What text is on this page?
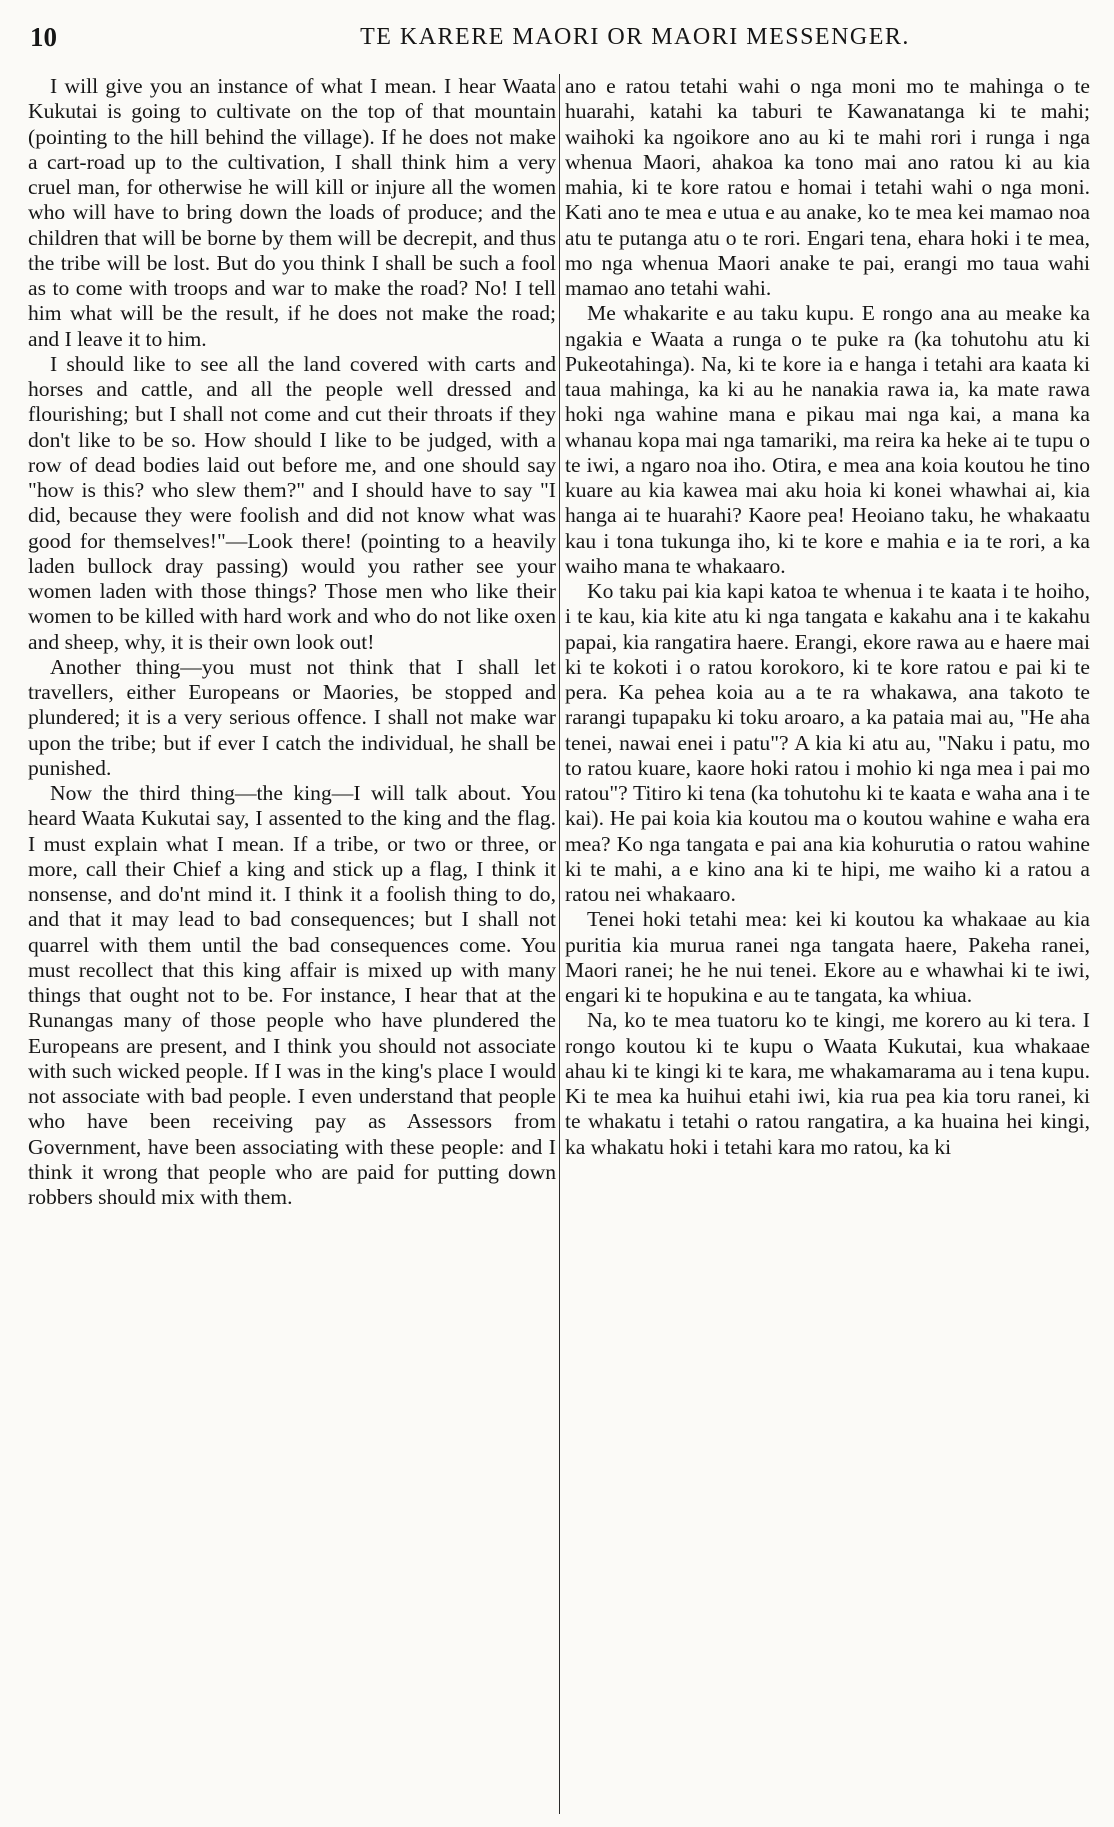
10	TE KARERE MAORI OR MAORI MESSENGER.

I will give you an instance of what I mean. I hear Waata Kukutai is going to cultivate on the top of that mountain (pointing to the hill behind the village). If he does not make a cart-road up to the cultivation, I shall think him a very cruel man, for otherwise he will kill or injure all the women who will have to bring down the loads of produce; and the children that will be borne by them will be decrepit, and thus the tribe will be lost. But do you think I shall be such a fool as to come with troops and war to make the road? No! I tell him what will be the result, if he does not make the road; and I leave it to him.

I should like to see all the land covered with carts and horses and cattle, and all the people well dressed and flourishing; but I shall not come and cut their throats if they don't like to be so. How should I like to be judged, with a row of dead bodies laid out before me, and one should say "how is this? who slew them?" and I should have to say "I did, because they were foolish and did not know what was good for themselves!"—Look there! (pointing to a heavily laden bullock dray passing) would you rather see your women laden with those things? Those men who like their women to be killed with hard work and who do not like oxen and sheep, why, it is their own look out!

Another thing—you must not think that I shall let travellers, either Europeans or Maories, be stopped and plundered; it is a very serious offence. I shall not make war upon the tribe; but if ever I catch the individual, he shall be punished.

Now the third thing—the king—I will talk about. You heard Waata Kukutai say, I assented to the king and the flag. I must explain what I mean. If a tribe, or two or three, or more, call their Chief a king and stick up a flag, I think it nonsense, and do'nt mind it. I think it a foolish thing to do, and that it may lead to bad consequences; but I shall not quarrel with them until the bad consequences come. You must recollect that this king affair is mixed up with many things that ought not to be. For instance, I hear that at the Runangas many of those people who have plundered the Europeans are present, and I think you should not associate with such wicked people. If I was in the king's place I would not associate with bad people. I even understand that people who have been receiving pay as Assessors from Government, have been associating with these people: and I think it wrong that people who are paid for putting down robbers should mix with them.

ano e ratou tetahi wahi o nga moni mo te mahinga o te huarahi, katahi ka taburi te Kawanatanga ki te mahi; waihoki ka ngoikore ano au ki te mahi rori i runga i nga whenua Maori, ahakoa ka tono mai ano ratou ki au kia mahia, ki te kore ratou e homai i tetahi wahi o nga moni. Kati ano te mea e utua e au anake, ko te mea kei mamao noa atu te putanga atu o te rori. Engari tena, ehara hoki i te mea, mo nga whenua Maori anake te pai, erangi mo taua wahi mamao ano tetahi wahi.

Me whakarite e au taku kupu. E rongo ana au meake ka ngakia e Waata a runga o te puke ra (ka tohutohu atu ki Pukeotahinga). Na, ki te kore ia e hanga i tetahi ara kaata ki taua mahinga, ka ki au he nanakia rawa ia, ka mate rawa hoki nga wahine mana e pikau mai nga kai, a mana ka whanau kopa mai nga tamariki, ma reira ka heke ai te tupu o te iwi, a ngaro noa iho. Otira, e mea ana koia koutou he tino kuare au kia kawea mai aku hoia ki konei whawhai ai, kia hanga ai te huarahi? Kaore pea! Heoiano taku, he whakaatu kau i tona tukunga iho, ki te kore e mahia e ia te rori, a ka waiho mana te whakaaro.

Ko taku pai kia kapi katoa te whenua i te kaata i te hoiho, i te kau, kia kite atu ki nga tangata e kakahu ana i te kakahu papai, kia rangatira haere. Erangi, ekore rawa au e haere mai ki te kokoti i o ratou korokoro, ki te kore ratou e pai ki te pera. Ka pehea koia au a te ra whakawa, ana takoto te rarangi tupapaku ki toku aroaro, a ka pataia mai au, "He aha tenei, nawai enei i patu"? A kia ki atu au, "Naku i patu, mo to ratou kuare, kaore hoki ratou i mohio ki nga mea i pai mo ratou"? Titiro ki tena (ka tohutohu ki te kaata e waha ana i te kai). He pai koia kia koutou ma o koutou wahine e waha era mea? Ko nga tangata e pai ana kia kohurutia o ratou wahine ki te mahi, a e kino ana ki te hipi, me waiho ki a ratou a ratou nei whakaaro.

Tenei hoki tetahi mea: kei ki koutou ka whakaae au kia puritia kia murua ranei nga tangata haere, Pakeha ranei, Maori ranei; he he nui tenei. Ekore au e whawhai ki te iwi, engari ki te hopukina e au te tangata, ka whiua.

Na, ko te mea tuatoru ko te kingi, me korero au ki tera. I rongo koutou ki te kupu o Waata Kukutai, kua whakaae ahau ki te kingi ki te kara, me whakamarama au i tena kupu. Ki te mea ka huihui etahi iwi, kia rua pea kia toru ranei, ki te whakatu i tetahi o ratou rangatira, a ka huaina hei kingi, ka whakatu hoki i tetahi kara mo ratou, ka ki
